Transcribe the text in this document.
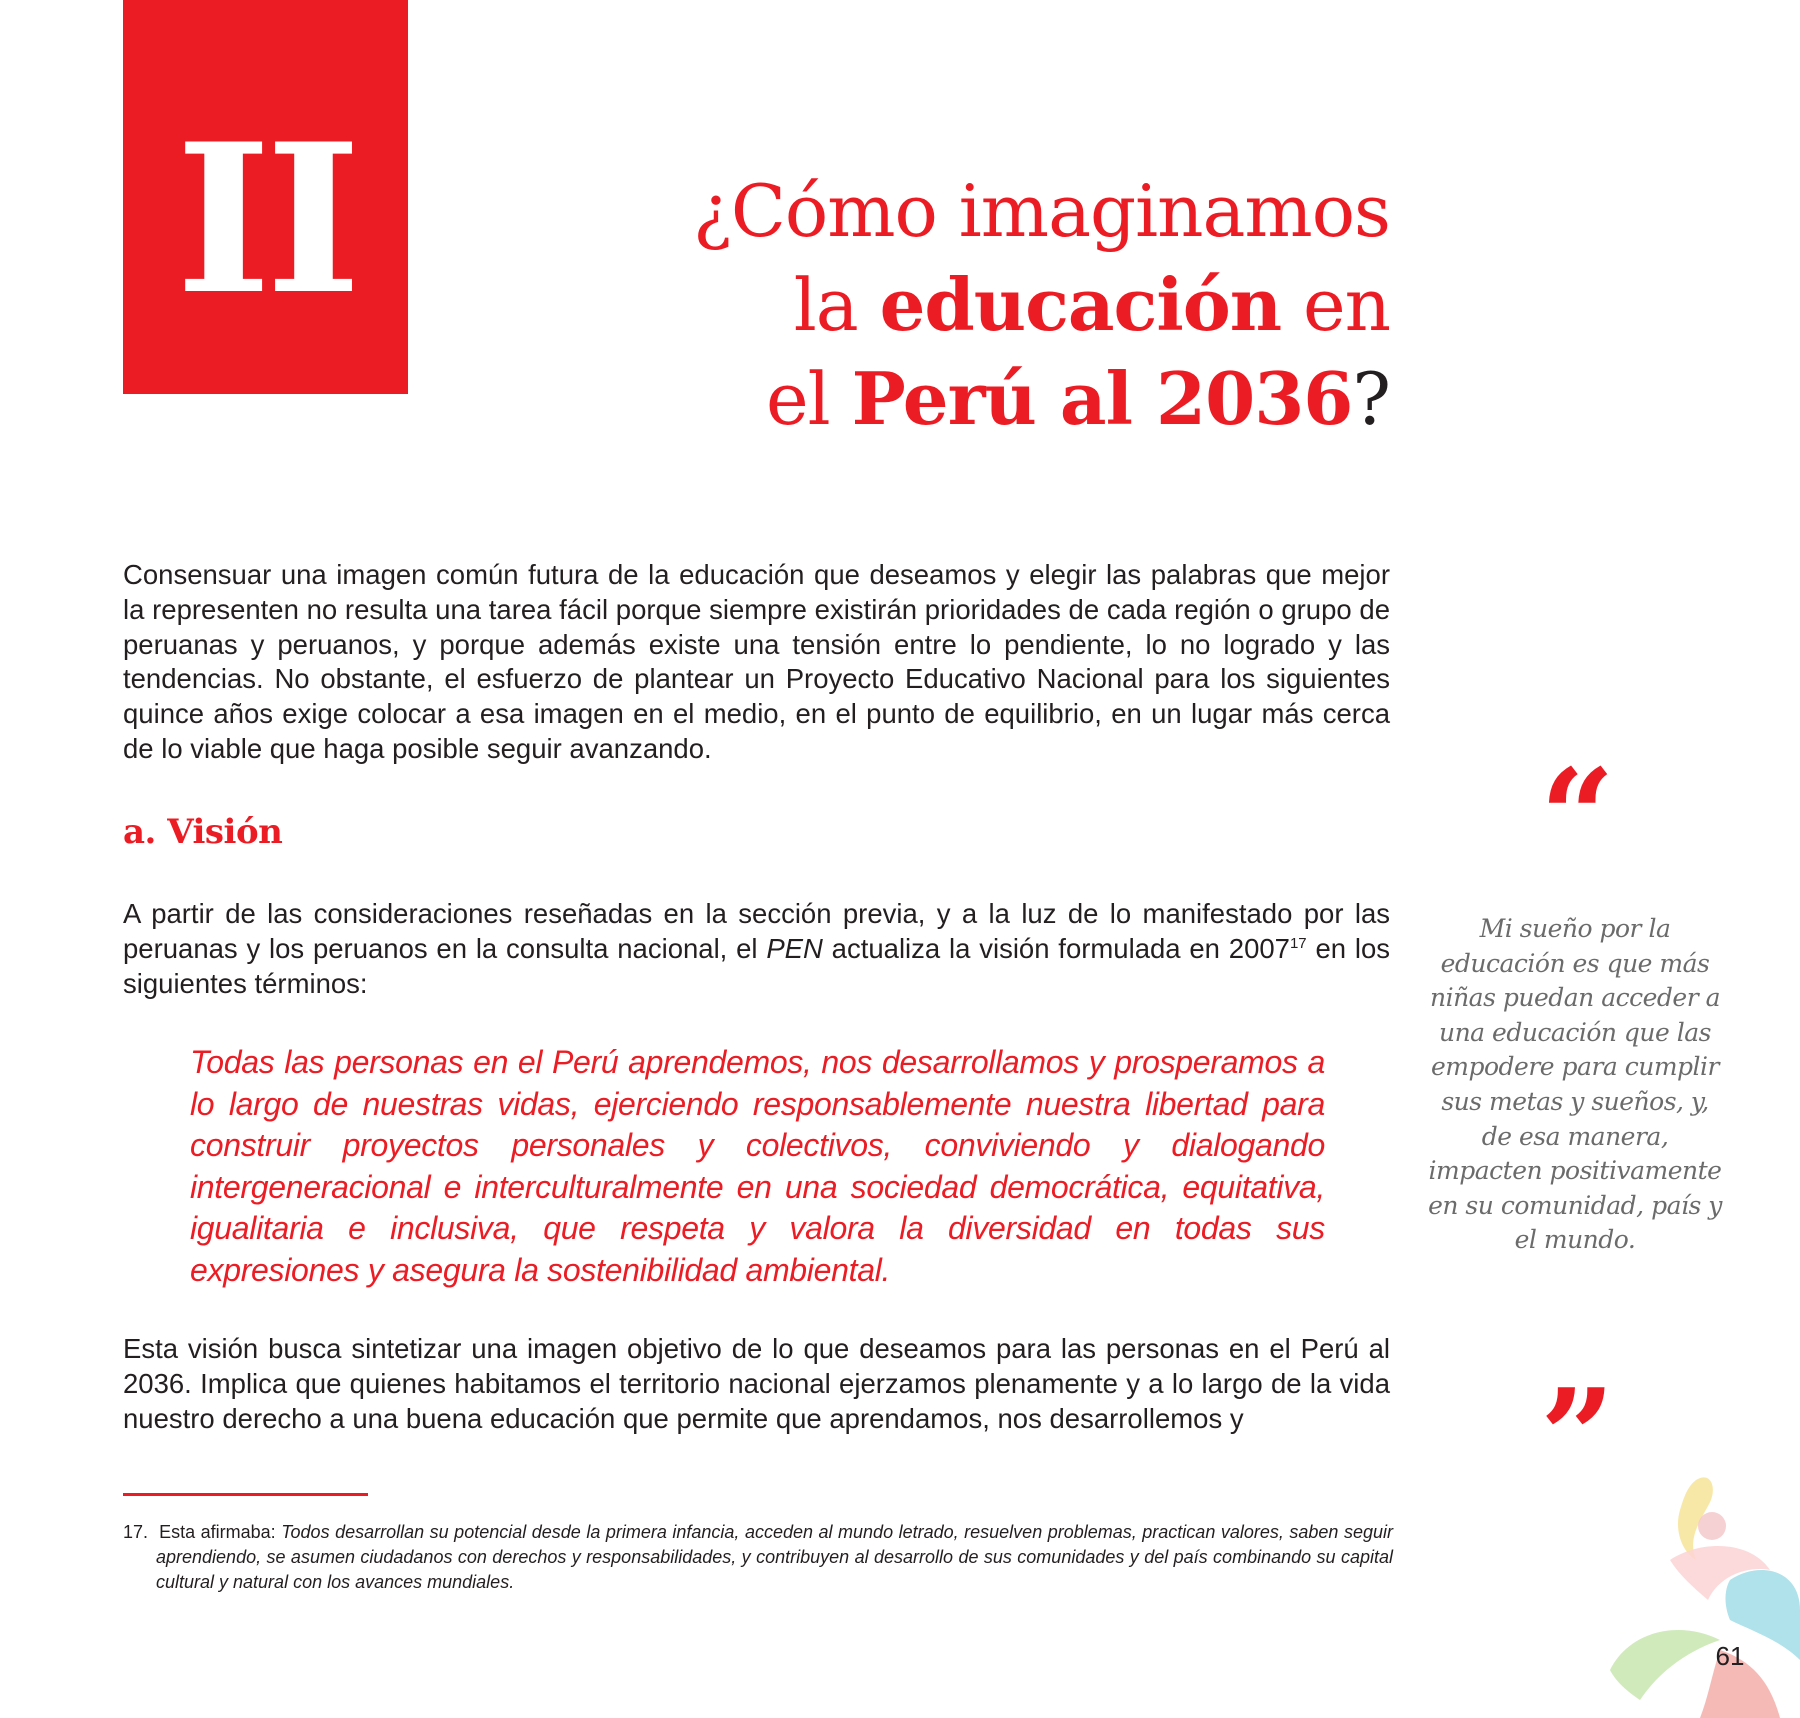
II	¿Cómo imaginamos
la educación en
el Perú al 2036?

Consensuar una imagen común futura de la educación que deseamos y elegir las palabras que mejor la representen no resulta una tarea fácil porque siempre existirán prioridades de cada región o grupo de peruanas y peruanos, y porque además existe una tensión entre lo pendiente, lo no logrado y las tendencias. No obstante, el esfuerzo de plantear un Proyecto Educativo Nacional para los siguientes quince años exige colocar a esa imagen en el medio, en el punto de equilibrio, en un lugar más cerca de lo viable que haga posible seguir avanzando.

a. Visión

A partir de las consideraciones reseñadas en la sección previa, y a la luz de lo manifestado por las peruanas y los peruanos en la consulta nacional, el PEN actualiza la visión formulada en 2007$^{17}$ en los siguientes términos:

Todas las personas en el Perú aprendemos, nos desarrollamos y prosperamos a lo largo de nuestras vidas, ejerciendo responsablemente nuestra libertad para construir proyectos personales y colectivos, conviviendo y dialogando intergeneracional e interculturalmente en una sociedad democrática, equitativa, igualitaria e inclusiva, que respeta y valora la diversidad en todas sus expresiones y asegura la sostenibilidad ambiental.

Esta visión busca sintetizar una imagen objetivo de lo que deseamos para las personas en el Perú al 2036. Implica que quienes habitamos el territorio nacional ejerzamos plenamente y a lo largo de la vida nuestro derecho a una buena educación que permite que aprendamos, nos desarrollemos y

“
Mi sueño por la educación es que más niñas puedan acceder a una educación que las empodere para cumplir sus metas y sueños, y, de esa manera, impacten positivamente en su comunidad, país y el mundo.
”

17. Esta afirmaba: Todos desarrollan su potencial desde la primera infancia, acceden al mundo letrado, resuelven problemas, practican valores, saben seguir aprendiendo, se asumen ciudadanos con derechos y responsabilidades, y contribuyen al desarrollo de sus comunidades y del país combinando su capital cultural y natural con los avances mundiales.

61
